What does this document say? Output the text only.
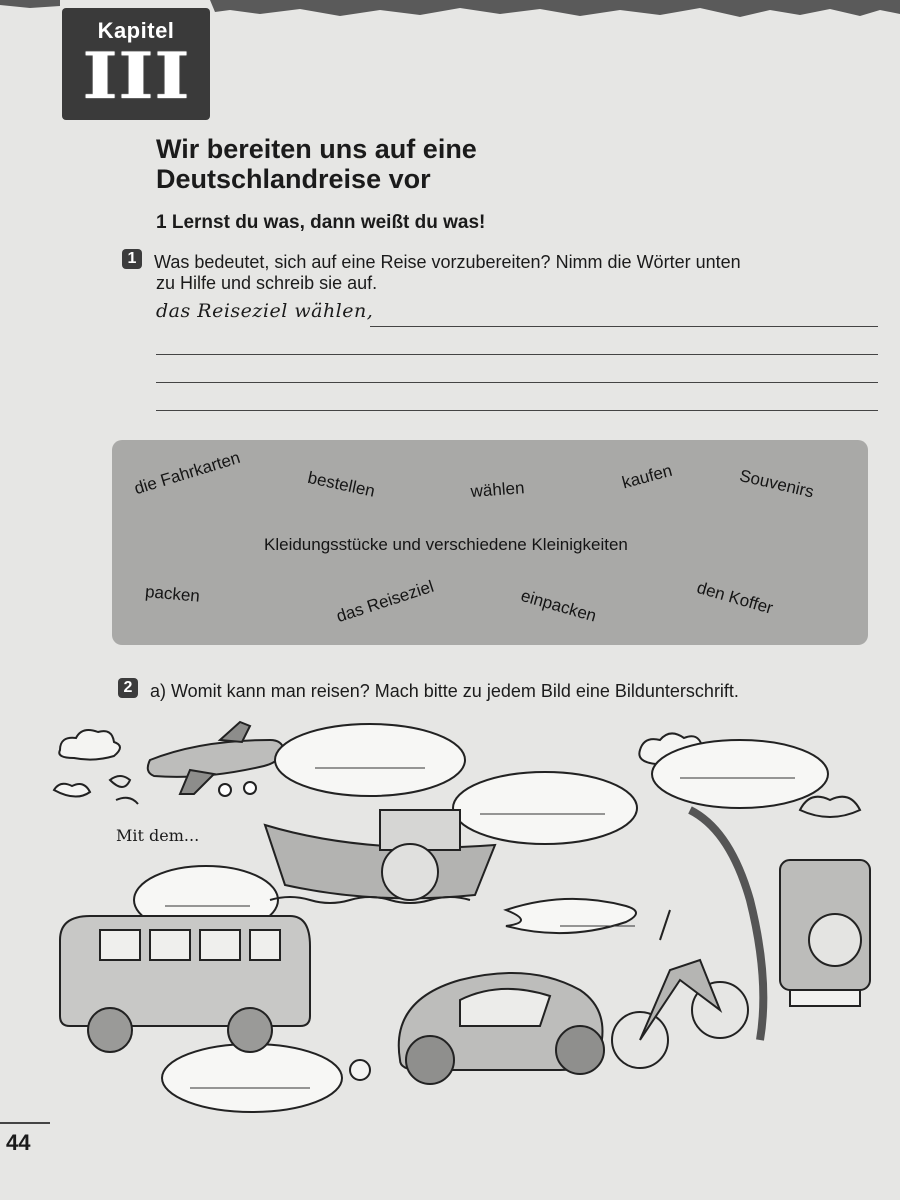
Kapitel
III
Wir bereiten uns auf eine
Deutschlandreise vor
1 Lernst du was, dann weißt du was!
1 Was bedeutet, sich auf eine Reise vorzubereiten? Nimm die Wörter unten
zu Hilfe und schreib sie auf.
das Reiseziel wählen,
die Fahrkarten	bestellen	wählen	kaufen	Souvenirs
Kleidungsstücke und verschiedene Kleinigkeiten
packen	das Reiseziel	einpacken	den Koffer
2 a) Womit kann man reisen? Mach bitte zu jedem Bild eine Bildunterschrift.
Mit dem...
44
